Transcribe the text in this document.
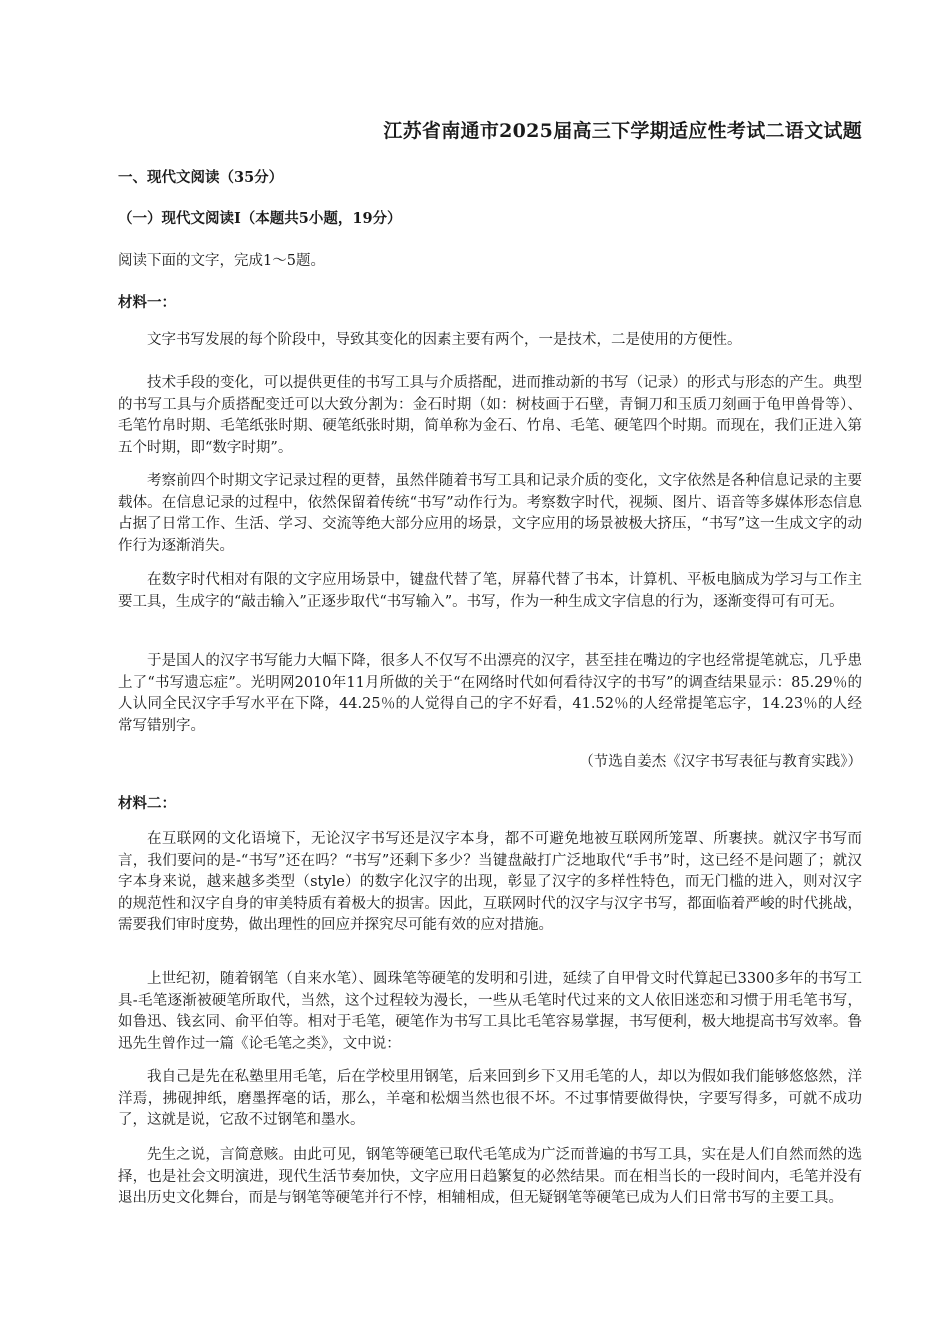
江苏省南通市2025届高三下学期适应性考试二语文试题
一、现代文阅读（35分）
（一）现代文阅读Ⅰ（本题共5小题，19分）

阅读下面的文字，完成1～5题。

材料一：

文字书写发展的每个阶段中，导致其变化的因素主要有两个，一是技术，二是使用的方便性。

技术手段的变化，可以提供更佳的书写工具与介质搭配，进而推动新的书写（记录）的形式与形态的产生。典型的书写工具与介质搭配变迁可以大致分割为：金石时期（如：树枝画于石壁，青铜刀和玉质刀刻画于龟甲兽骨等）、毛笔竹帛时期、毛笔纸张时期、硬笔纸张时期，简单称为金石、竹帛、毛笔、硬笔四个时期。而现在，我们正进入第五个时期，即“数字时期”。

考察前四个时期文字记录过程的更替，虽然伴随着书写工具和记录介质的变化，文字依然是各种信息记录的主要载体。在信息记录的过程中，依然保留着传统“书写”动作行为。考察数字时代，视频、图片、语音等多媒体形态信息占据了日常工作、生活、学习、交流等绝大部分应用的场景，文字应用的场景被极大挤压，“书写”这一生成文字的动作行为逐渐消失。

在数字时代相对有限的文字应用场景中，键盘代替了笔，屏幕代替了书本，计算机、平板电脑成为学习与工作主要工具，生成字的“敲击输入”正逐步取代“书写输入”。书写，作为一种生成文字信息的行为，逐渐变得可有可无。

于是国人的汉字书写能力大幅下降，很多人不仅写不出漂亮的汉字，甚至挂在嘴边的字也经常提笔就忘，几乎患上了“书写遗忘症”。光明网2010年11月所做的关于“在网络时代如何看待汉字的书写”的调查结果显示：85.29％的人认同全民汉字手写水平在下降，44.25％的人觉得自己的字不好看，41.52％的人经常提笔忘字，14.23％的人经常写错别字。

（节选自姜杰《汉字书写表征与教育实践》）

材料二：

在互联网的文化语境下，无论汉字书写还是汉字本身，都不可避免地被互联网所笼罩、所裹挟。就汉字书写而言，我们要问的是-“书写”还在吗？“书写”还剩下多少？当键盘敲打广泛地取代“手书”时，这已经不是问题了；就汉字本身来说，越来越多类型（style）的数字化汉字的出现，彰显了汉字的多样性特色，而无门槛的进入，则对汉字的规范性和汉字自身的审美特质有着极大的损害。因此，互联网时代的汉字与汉字书写，都面临着严峻的时代挑战，需要我们审时度势，做出理性的回应并探究尽可能有效的应对措施。

上世纪初，随着钢笔（自来水笔）、圆珠笔等硬笔的发明和引进，延续了自甲骨文时代算起已3300多年的书写工具-毛笔逐渐被硬笔所取代，当然，这个过程较为漫长，一些从毛笔时代过来的文人依旧迷恋和习惯于用毛笔书写，如鲁迅、钱玄同、俞平伯等。相对于毛笔，硬笔作为书写工具比毛笔容易掌握，书写便利，极大地提高书写效率。鲁迅先生曾作过一篇《论毛笔之类》，文中说：

我自己是先在私塾里用毛笔，后在学校里用钢笔，后来回到乡下又用毛笔的人，却以为假如我们能够悠悠然，洋洋焉，拂砚抻纸，磨墨挥毫的话，那么，羊毫和松烟当然也很不坏。不过事情要做得快，字要写得多，可就不成功了，这就是说，它敌不过钢笔和墨水。

先生之说，言简意赅。由此可见，钢笔等硬笔已取代毛笔成为广泛而普遍的书写工具，实在是人们自然而然的选择，也是社会文明演进，现代生活节奏加快，文字应用日趋繁复的必然结果。而在相当长的一段时间内，毛笔并没有退出历史文化舞台，而是与钢笔等硬笔并行不悖，相辅相成，但无疑钢笔等硬笔已成为人们日常书写的主要工具。
